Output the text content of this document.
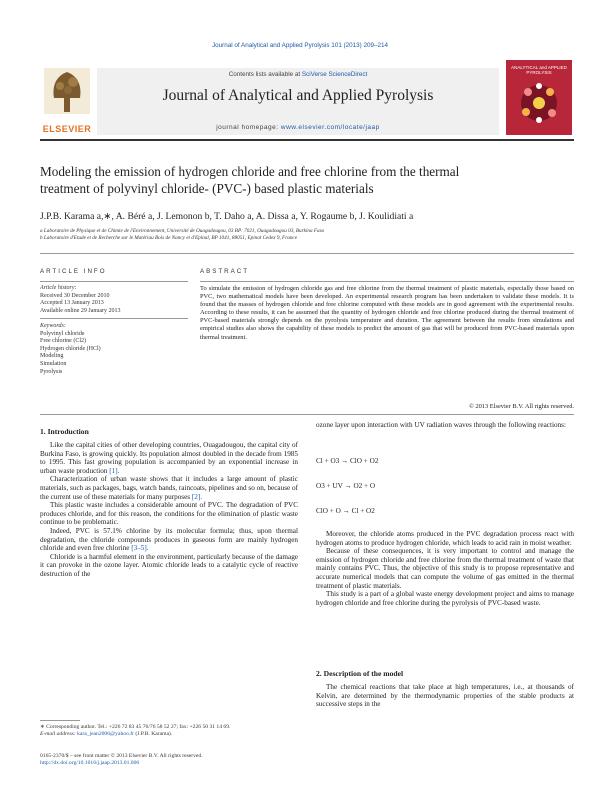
Journal of Analytical and Applied Pyrolysis 101 (2013) 209–214
ELSEVIER
Contents lists available at SciVerse ScienceDirect
Journal of Analytical and Applied Pyrolysis
journal homepage: www.elsevier.com/locate/jaap
ANALYTICAL and APPLIED PYROLYSIS
Modeling the emission of hydrogen chloride and free chlorine from the thermal
treatment of polyvinyl chloride- (PVC-) based plastic materials
J.P.B. Karama a,∗, A. Béré a, J. Lemonon b, T. Daho a, A. Dissa a, Y. Rogaume b, J. Koulidiati a
a Laboratoire de Physique et de Chimie de l'Environnement, Université de Ouagadougou, 03 BP: 7021, Ouagadougou 03, Burkina Faso
b Laboratoire d'Etude et de Recherche sur le Matériau Bois de Nancy et d'Epinal, BP 1041, 88051, Epinal Cedex 9, France
ARTICLE INFO
Article history:
Received 30 December 2010
Accepted 13 January 2013
Available online 29 January 2013
Keywords:
Polyvinyl chloride
Free chlorine (Cl2)
Hydrogen chloride (HCl)
Modeling
Simulation
Pyrolysis
ABSTRACT
To simulate the emission of hydrogen chloride gas and free chlorine from the thermal treatment of plastic materials, especially those based on PVC, two mathematical models have been developed. An experimental research program has been undertaken to validate these models. It is found that the masses of hydrogen chloride and free chlorine computed with these models are in good agreement with the experimental results. According to these results, it can be assumed that the quantity of hydrogen chloride and free chlorine produced during the thermal treatment of PVC-based materials strongly depends on the pyrolysis temperature and duration. The agreement between the results from simulations and empirical studies also shows the capability of these models to predict the amount of gas that will be produced from PVC-based materials upon thermal treatment.
© 2013 Elsevier B.V. All rights reserved.
1. Introduction

Like the capital cities of other developing countries, Ouagadougou, the capital city of Burkina Faso, is growing quickly. Its population almost doubled in the decade from 1985 to 1995. This fast growing population is accompanied by an exponential increase in urban waste production [1].

Characterization of urban waste shows that it includes a large amount of plastic materials, such as packages, bags, watch bands, raincoats, pipelines and so on, because of the current use of these materials for many purposes [2].

This plastic waste includes a considerable amount of PVC. The degradation of PVC produces chloride, and for this reason, the conditions for the elimination of plastic waste continue to be problematic.

Indeed, PVC is 57.1% chlorine by its molecular formula; thus, upon thermal degradation, the chloride compounds produces in gaseous form are mainly hydrogen chloride and even free chlorine [3–5].

Chloride is a harmful element in the environment, particularly because of the damage it can provoke in the ozone layer. Atomic chloride leads to a catalytic cycle of reactive destruction of the

∗ Corresponding author. Tel.: +226 72 83 45 76/76 58 52 27; fax: +226 50 31 14 69.
E-mail address: kara_jean2006@yahoo.fr (J.P.B. Karama).
0165-2370/$ – see front matter © 2013 Elsevier B.V. All rights reserved.
http://dx.doi.org/10.1016/j.jaap.2013.01.006

ozone layer upon interaction with UV radiation waves through the following reactions:

Cl + O3 → ClO + O2
O3 + UV → O2 + O
ClO + O → Cl + O2

Moreover, the chloride atoms produced in the PVC degradation process react with hydrogen atoms to produce hydrogen chloride, which leads to acid rain in moist weather.

Because of these consequences, it is very important to control and manage the emission of hydrogen chloride and free chlorine from the thermal treatment of waste that mainly contains PVC. Thus, the objective of this study is to propose representative and accurate numerical models that can compute the volume of gas emitted in the thermal treatment of plastic materials.

This study is a part of a global waste energy development project and aims to manage hydrogen chloride and free chlorine during the pyrolysis of PVC-based waste.

2. Description of the model

The chemical reactions that take place at high temperatures, i.e., at thousands of Kelvin, are determined by the thermodynamic properties of the stable products at successive steps in the
